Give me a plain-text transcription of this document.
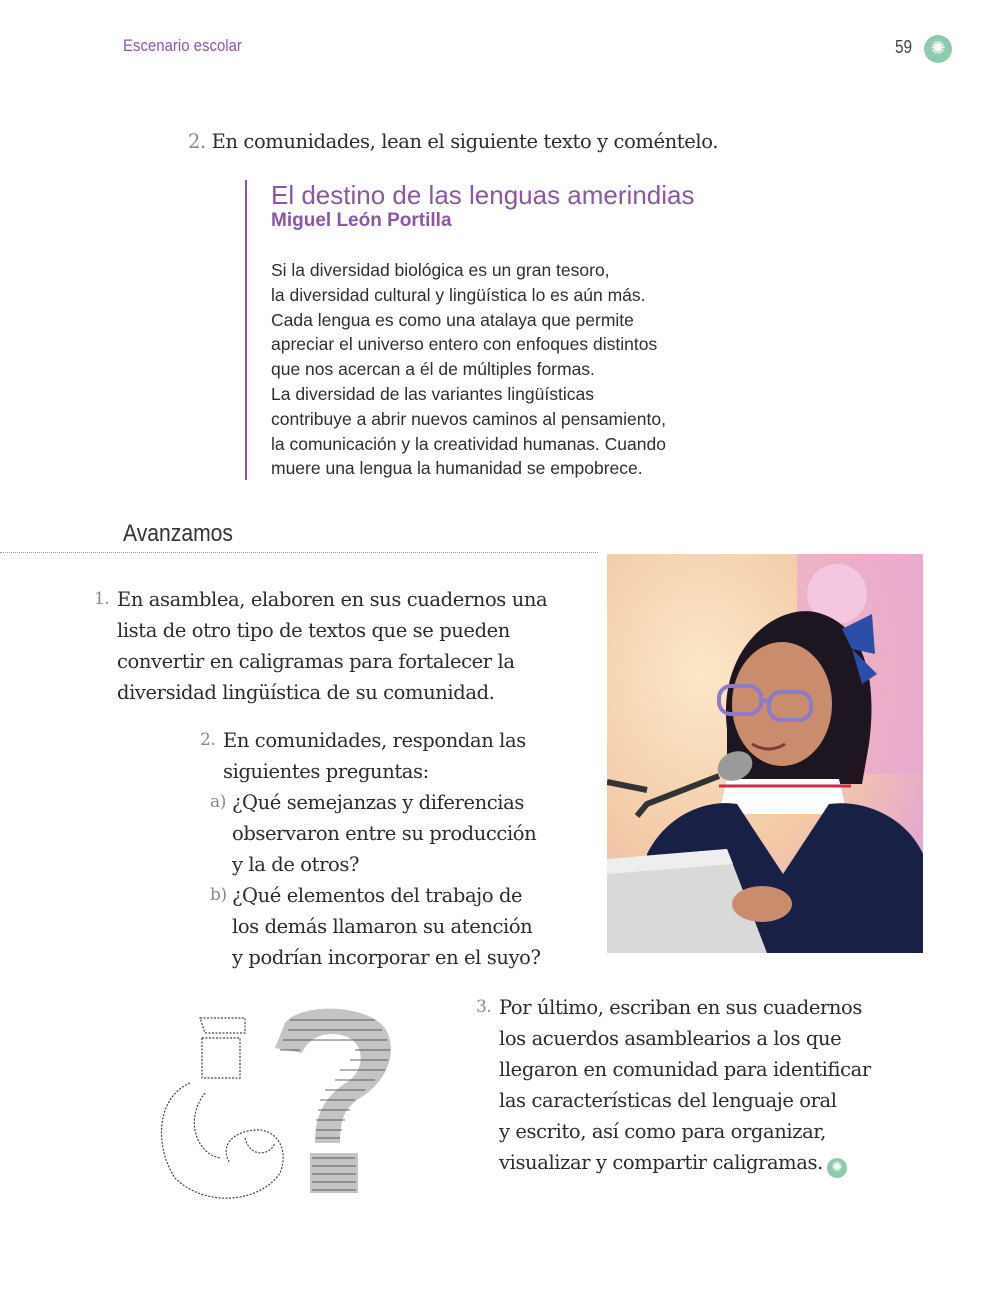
Escenario escolar	59	✺
2. En comunidades, lean el siguiente texto y coméntelo.
El destino de las lenguas amerindias
Miguel León Portilla
Si la diversidad biológica es un gran tesoro,
la diversidad cultural y lingüística lo es aún más.
Cada lengua es como una atalaya que permite
apreciar el universo entero con enfoques distintos
que nos acercan a él de múltiples formas.
La diversidad de las variantes lingüísticas
contribuye a abrir nuevos caminos al pensamiento,
la comunicación y la creatividad humanas. Cuando
muere una lengua la humanidad se empobrece.
Avanzamos
1. En asamblea, elaboren en sus cuadernos una
lista de otro tipo de textos que se pueden
convertir en caligramas para fortalecer la
diversidad lingüística de su comunidad.
2. En comunidades, respondan las
siguientes preguntas:
a) ¿Qué semejanzas y diferencias
observaron entre su producción
y la de otros?
b) ¿Qué elementos del trabajo de
los demás llamaron su atención
y podrían incorporar en el suyo?
3. Por último, escriban en sus cuadernos
los acuerdos asamblearios a los que
llegaron en comunidad para identificar
las características del lenguaje oral
y escrito, así como para organizar,
visualizar y compartir caligramas. ✺
